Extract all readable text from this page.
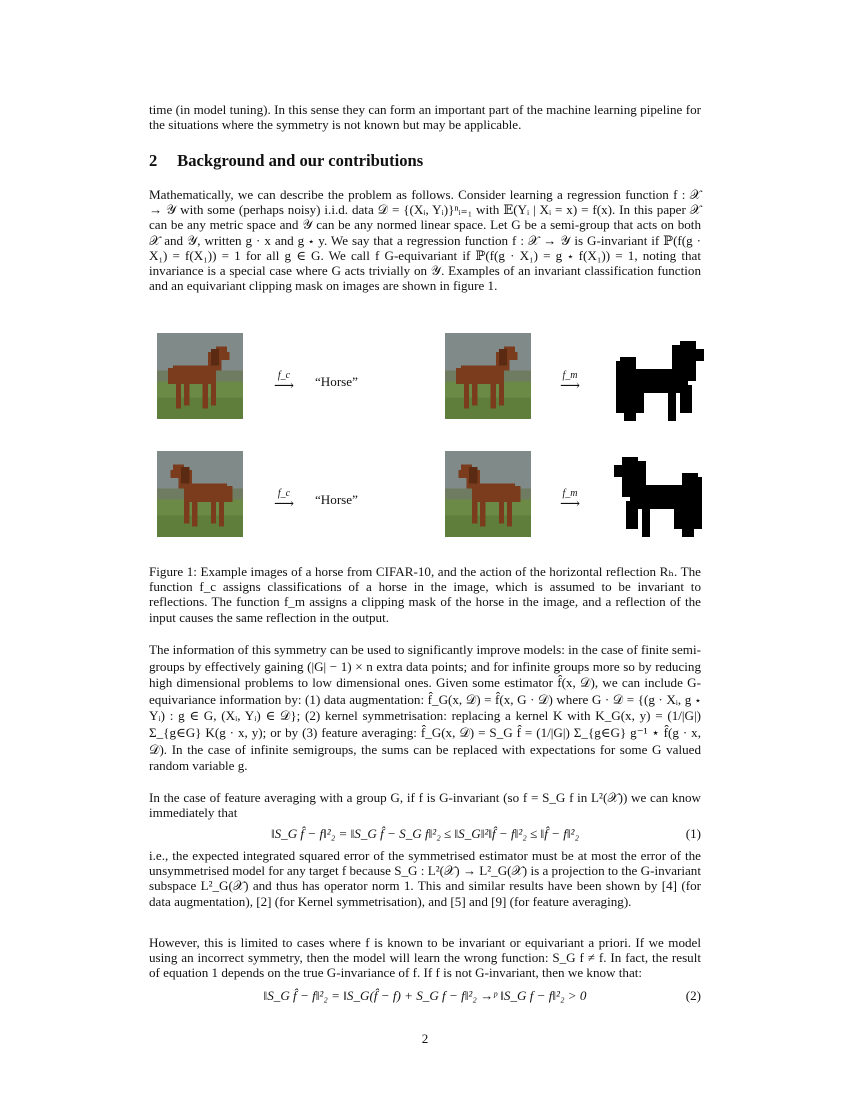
time (in model tuning). In this sense they can form an important part of the machine learning pipeline for the situations where the symmetry is not known but may be applicable.

2 Background and our contributions

Mathematically, we can describe the problem as follows. Consider learning a regression function f : 𝒳 → 𝒴 with some (perhaps noisy) i.i.d. data 𝒟 = {(Xᵢ, Yᵢ)}ⁿᵢ₌₁ with 𝔼(Yᵢ | Xᵢ = x) = f(x). In this paper 𝒳 can be any metric space and 𝒴 can be any normed linear space. Let G be a semi-group that acts on both 𝒳 and 𝒴, written g · x and g ⋆ y. We say that a regression function f : 𝒳 → 𝒴 is G-invariant if ℙ(f(g · X₁) = f(X₁)) = 1 for all g ∈ G. We call f G-equivariant if ℙ(f(g · X₁) = g ⋆ f(X₁)) = 1, noting that invariance is a special case where G acts trivially on 𝒴. Examples of an invariant classification function and an equivariant clipping mask on images are shown in figure 1.

f_c
⟶ “Horse”	f_m
⟶
f_c
⟶ “Horse”	f_m
⟶

Figure 1: Example images of a horse from CIFAR-10, and the action of the horizontal reflection Rₕ. The function f_c assigns classifications of a horse in the image, which is assumed to be invariant to reflections. The function f_m assigns a clipping mask of the horse in the image, and a reflection of the input causes the same reflection in the output.

The information of this symmetry can be used to significantly improve models: in the case of finite semi-groups by effectively gaining (|G| − 1) × n extra data points; and for infinite groups more so by reducing high dimensional problems to low dimensional ones. Given some estimator f̂(x, 𝒟), we can include G-equivariance information by: (1) data augmentation: f̂_G(x, 𝒟) = f̂(x, G · 𝒟) where G · 𝒟 = {(g · Xᵢ, g ⋆ Yᵢ) : g ∈ G, (Xᵢ, Yᵢ) ∈ 𝒟}; (2) kernel symmetrisation: replacing a kernel K with K_G(x, y) = (1/|G|) Σ_{g∈G} K(g · x, y); or by (3) feature averaging: f̂_G(x, 𝒟) = S_G f̂ = (1/|G|) Σ_{g∈G} g⁻¹ ⋆ f̂(g · x, 𝒟). In the case of infinite semigroups, the sums can be replaced with expectations for some G valued random variable g.

In the case of feature averaging with a group G, if f is G-invariant (so f = S_G f in L²(𝒳)) we can know immediately that

‖S_G f̂ − f‖²₂ = ‖S_G f̂ − S_G f‖²₂ ≤ ‖S_G‖²‖f̂ − f‖²₂ ≤ ‖f̂ − f‖²₂	(1)

i.e., the expected integrated squared error of the symmetrised estimator must be at most the error of the unsymmetrised model for any target f because S_G : L²(𝒳) → L²_G(𝒳) is a projection to the G-invariant subspace L²_G(𝒳) and thus has operator norm 1. This and similar results have been shown by [4] (for data augmentation), [2] (for Kernel symmetrisation), and [5] and [9] (for feature averaging).

However, this is limited to cases where f is known to be invariant or equivariant a priori. If we model using an incorrect symmetry, then the model will learn the wrong function: S_G f ≠ f. In fact, the result of equation 1 depends on the true G-invariance of f. If f is not G-invariant, then we know that:

‖S_G f̂ − f‖²₂ = ‖S_G(f̂ − f) + S_G f − f‖²₂ →ᵖ ‖S_G f − f‖²₂ > 0	(2)
2
